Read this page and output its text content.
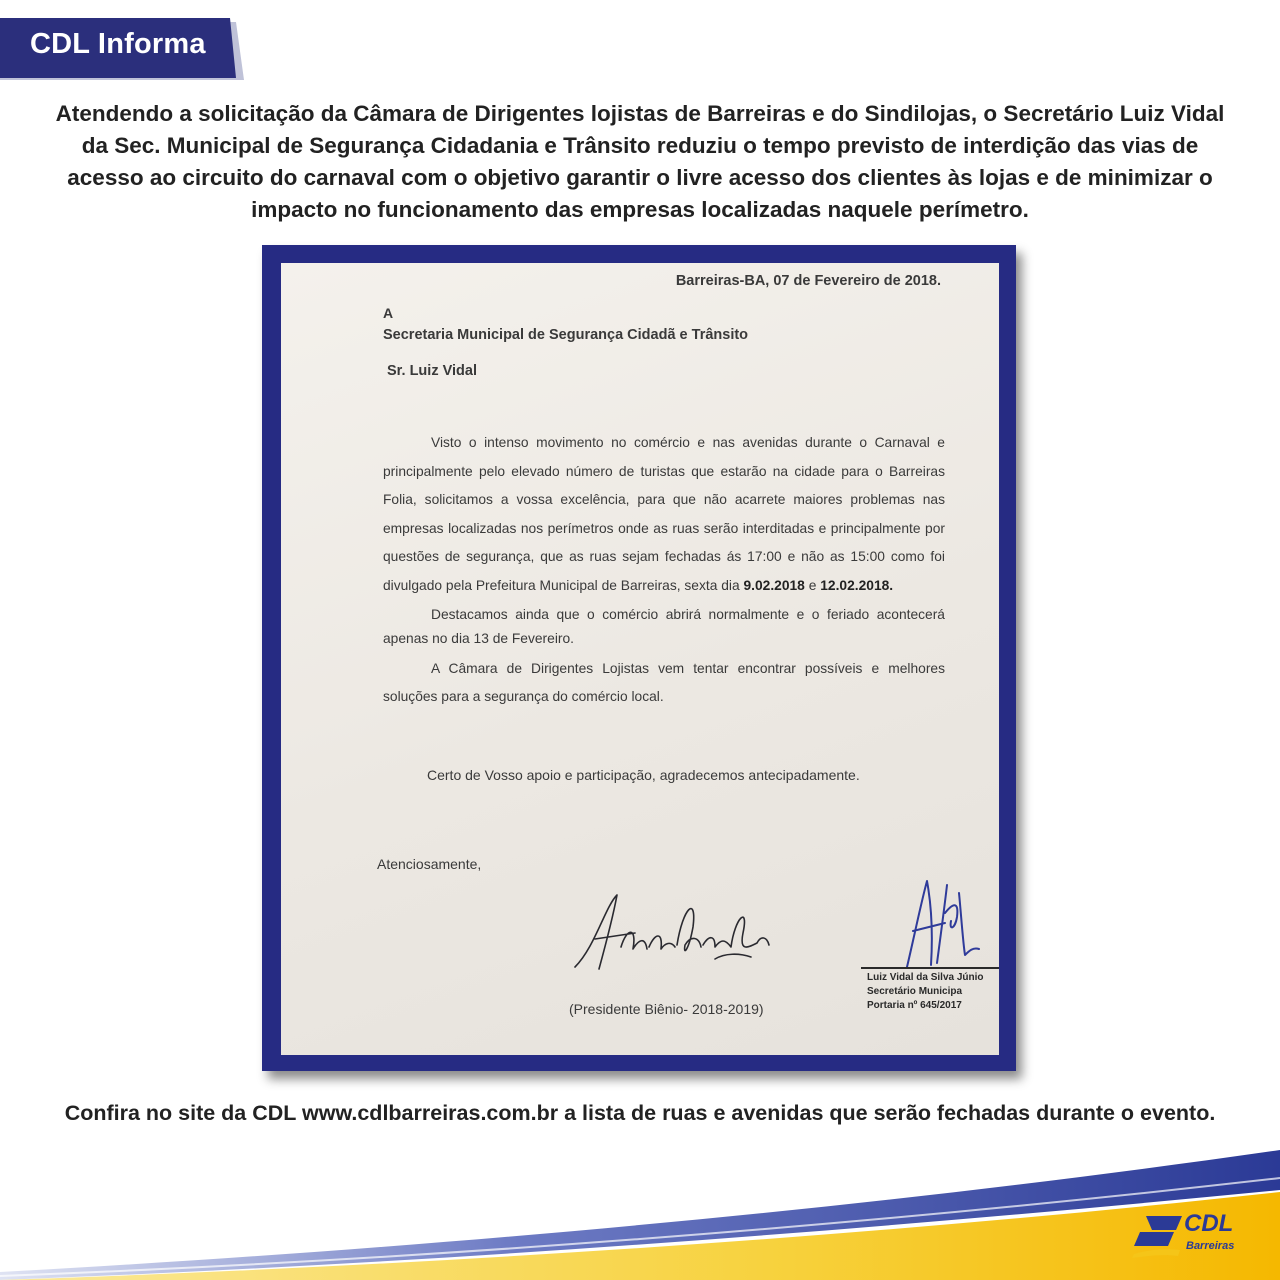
CDL Informa
Atendendo a solicitação da Câmara de Dirigentes lojistas de Barreiras e do Sindilojas, o Secretário Luiz Vidal da Sec. Municipal de Segurança Cidadania e Trânsito reduziu o tempo previsto de interdição das vias de acesso ao circuito do carnaval com o objetivo garantir o livre acesso dos clientes às lojas e de minimizar o impacto no funcionamento das empresas localizadas naquele perímetro.
Barreiras-BA, 07 de Fevereiro de 2018.
A
Secretaria Municipal de Segurança Cidadã e Trânsito
Sr. Luiz Vidal

Visto o intenso movimento no comércio e nas avenidas durante o Carnaval e principalmente pelo elevado número de turistas que estarão na cidade para o Barreiras Folia, solicitamos a vossa excelência, para que não acarrete maiores problemas nas empresas localizadas nos perímetros onde as ruas serão interditadas e principalmente por questões de segurança, que as ruas sejam fechadas ás 17:00 e não as 15:00 como foi divulgado pela Prefeitura Municipal de Barreiras, sexta dia 9.02.2018 e 12.02.2018.

Destacamos ainda que o comércio abrirá normalmente e o feriado acontecerá apenas no dia 13 de Fevereiro.

A Câmara de Dirigentes Lojistas vem tentar encontrar possíveis e melhores soluções para a segurança do comércio local.

Certo de Vosso apoio e participação, agradecemos antecipadamente.
Atenciosamente,
(Presidente Biênio- 2018-2019)
Luiz Vidal da Silva Júnio
Secretário Municipa
Portaria nº 645/2017
Confira no site da CDL www.cdlbarreiras.com.br a lista de ruas e avenidas que serão fechadas durante o evento.
CDL
Barreiras
